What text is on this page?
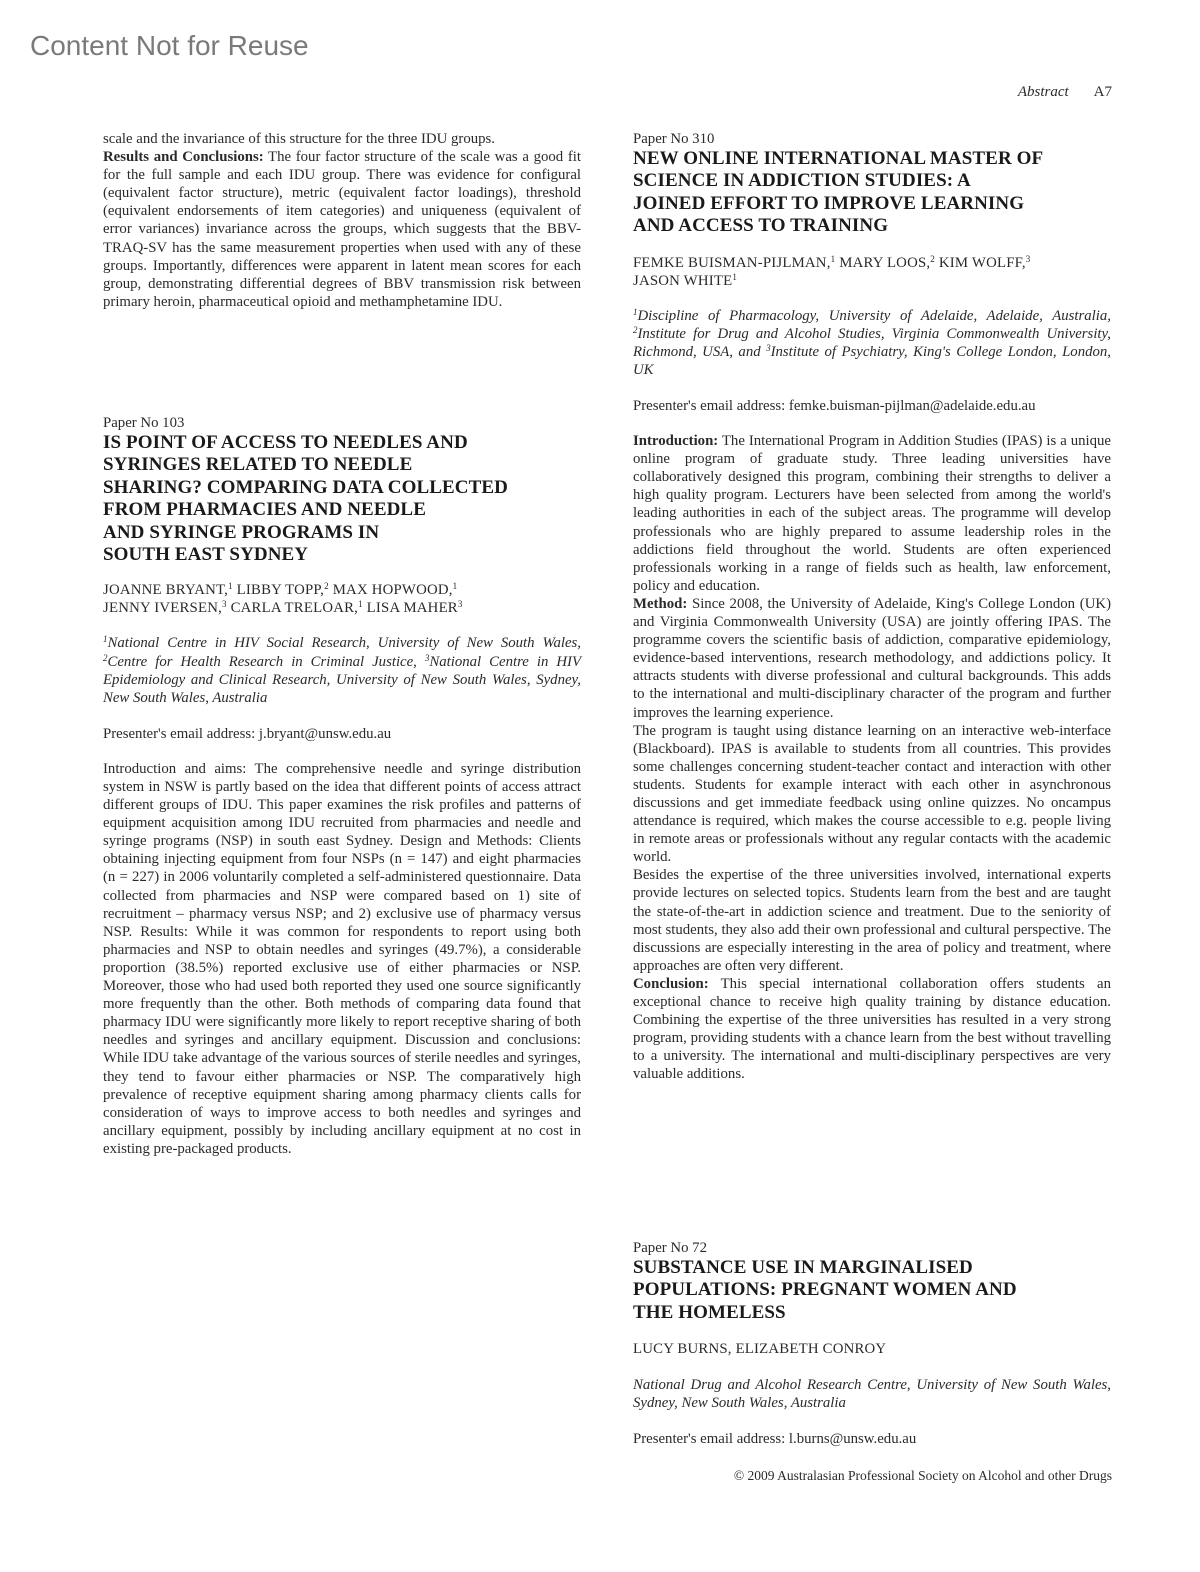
Content Not for Reuse
Abstract A7

scale and the invariance of this structure for the three IDU groups.

Results and Conclusions: The four factor structure of the scale was a good fit for the full sample and each IDU group. There was evidence for configural (equivalent factor structure), metric (equivalent factor loadings), threshold (equivalent endorsements of item categories) and uniqueness (equivalent of error variances) invariance across the groups, which suggests that the BBV-TRAQ-SV has the same measurement properties when used with any of these groups. Importantly, differences were apparent in latent mean scores for each group, demonstrating differential degrees of BBV transmission risk between primary heroin, pharmaceutical opioid and methamphetamine IDU.

Paper No 103
IS POINT OF ACCESS TO NEEDLES AND
SYRINGES RELATED TO NEEDLE
SHARING? COMPARING DATA COLLECTED
FROM PHARMACIES AND NEEDLE
AND SYRINGE PROGRAMS IN
SOUTH EAST SYDNEY
JOANNE BRYANT,$^1$ LIBBY TOPP,$^2$ MAX HOPWOOD,$^1$
JENNY IVERSEN,$^3$ CARLA TRELOAR,$^1$ LISA MAHER$^3$
$^1$National Centre in HIV Social Research, University of New South Wales, $^2$Centre for Health Research in Criminal Justice, $^3$National Centre in HIV Epidemiology and Clinical Research, University of New South Wales, Sydney, New South Wales, Australia
Presenter's email address: j.bryant@unsw.edu.au

Introduction and aims: The comprehensive needle and syringe distribution system in NSW is partly based on the idea that different points of access attract different groups of IDU. This paper examines the risk profiles and patterns of equipment acquisition among IDU recruited from pharmacies and needle and syringe programs (NSP) in south east Sydney. Design and Methods: Clients obtaining injecting equipment from four NSPs (n = 147) and eight pharmacies (n = 227) in 2006 voluntarily completed a self-administered questionnaire. Data collected from pharmacies and NSP were compared based on 1) site of recruitment – pharmacy versus NSP; and 2) exclusive use of pharmacy versus NSP. Results: While it was common for respondents to report using both pharmacies and NSP to obtain needles and syringes (49.7%), a considerable proportion (38.5%) reported exclusive use of either pharmacies or NSP. Moreover, those who had used both reported they used one source significantly more frequently than the other. Both methods of comparing data found that pharmacy IDU were significantly more likely to report receptive sharing of both needles and syringes and ancillary equipment. Discussion and conclusions: While IDU take advantage of the various sources of sterile needles and syringes, they tend to favour either pharmacies or NSP. The comparatively high prevalence of receptive equipment sharing among pharmacy clients calls for consideration of ways to improve access to both needles and syringes and ancillary equipment, possibly by including ancillary equipment at no cost in existing pre-packaged products.

Paper No 310
NEW ONLINE INTERNATIONAL MASTER OF
SCIENCE IN ADDICTION STUDIES: A
JOINED EFFORT TO IMPROVE LEARNING
AND ACCESS TO TRAINING
FEMKE BUISMAN-PIJLMAN,$^1$ MARY LOOS,$^2$ KIM WOLFF,$^3$
JASON WHITE$^1$
$^1$Discipline of Pharmacology, University of Adelaide, Adelaide, Australia, $^2$Institute for Drug and Alcohol Studies, Virginia Commonwealth University, Richmond, USA, and $^3$Institute of Psychiatry, King's College London, London, UK
Presenter's email address: femke.buisman-pijlman@adelaide.edu.au

Introduction: The International Program in Addition Studies (IPAS) is a unique online program of graduate study. Three leading universities have collaboratively designed this program, combining their strengths to deliver a high quality program. Lecturers have been selected from among the world's leading authorities in each of the subject areas. The programme will develop professionals who are highly prepared to assume leadership roles in the addictions field throughout the world. Students are often experienced professionals working in a range of fields such as health, law enforcement, policy and education.

Method: Since 2008, the University of Adelaide, King's College London (UK) and Virginia Commonwealth University (USA) are jointly offering IPAS. The programme covers the scientific basis of addiction, comparative epidemiology, evidence-based interventions, research methodology, and addictions policy. It attracts students with diverse professional and cultural backgrounds. This adds to the international and multi-disciplinary character of the program and further improves the learning experience.

The program is taught using distance learning on an interactive web-interface (Blackboard). IPAS is available to students from all countries. This provides some challenges concerning student-teacher contact and interaction with other students. Students for example interact with each other in asynchronous discussions and get immediate feedback using online quizzes. No oncampus attendance is required, which makes the course accessible to e.g. people living in remote areas or professionals without any regular contacts with the academic world.

Besides the expertise of the three universities involved, international experts provide lectures on selected topics. Students learn from the best and are taught the state-of-the-art in addiction science and treatment. Due to the seniority of most students, they also add their own professional and cultural perspective. The discussions are especially interesting in the area of policy and treatment, where approaches are often very different.

Conclusion: This special international collaboration offers students an exceptional chance to receive high quality training by distance education. Combining the expertise of the three universities has resulted in a very strong program, providing students with a chance learn from the best without travelling to a university. The international and multi-disciplinary perspectives are very valuable additions.

Paper No 72
SUBSTANCE USE IN MARGINALISED
POPULATIONS: PREGNANT WOMEN AND
THE HOMELESS
LUCY BURNS, ELIZABETH CONROY
National Drug and Alcohol Research Centre, University of New South Wales, Sydney, New South Wales, Australia
Presenter's email address: l.burns@unsw.edu.au
© 2009 Australasian Professional Society on Alcohol and other Drugs
